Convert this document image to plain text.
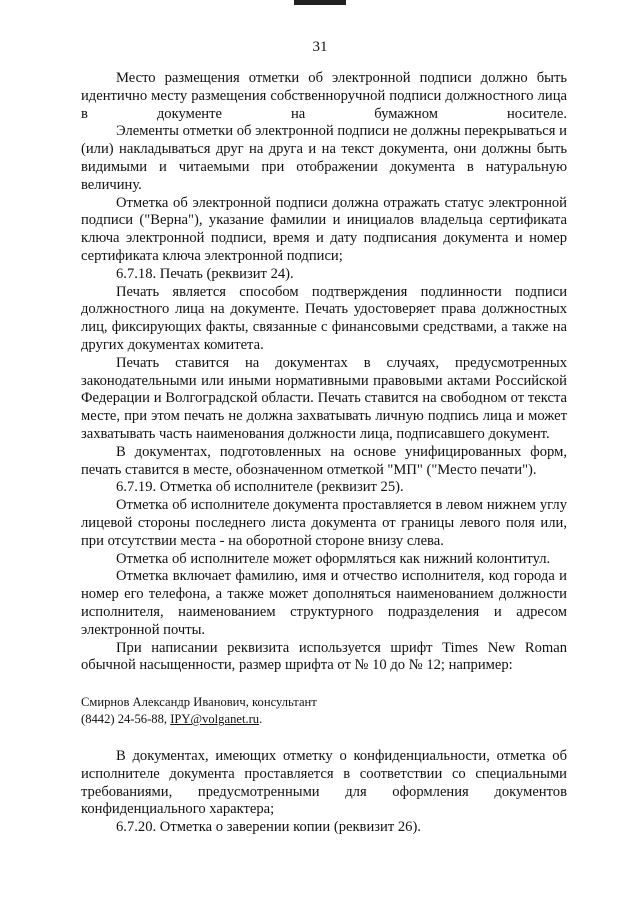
31

Место размещения отметки об электронной подписи должно быть идентично месту размещения собственноручной подписи должностного лица в документе на бумажном носителе.

Элементы отметки об электронной подписи не должны перекрываться и (или) накладываться друг на друга и на текст документа, они должны быть видимыми и читаемыми при отображении документа в натуральную величину.

Отметка об электронной подписи должна отражать статус электронной подписи ("Верна"), указание фамилии и инициалов владельца сертификата ключа электронной подписи, время и дату подписания документа и номер сертификата ключа электронной подписи;

6.7.18. Печать (реквизит 24).

Печать является способом подтверждения подлинности подписи должностного лица на документе. Печать удостоверяет права должностных лиц, фиксирующих факты, связанные с финансовыми средствами, а также на других документах комитета.

Печать ставится на документах в случаях, предусмотренных законодательными или иными нормативными правовыми актами Российской Федерации и Волгоградской области. Печать ставится на свободном от текста месте, при этом печать не должна захватывать личную подпись лица и может захватывать часть наименования должности лица, подписавшего документ.

В документах, подготовленных на основе унифицированных форм, печать ставится в месте, обозначенном отметкой "МП" ("Место печати").

6.7.19. Отметка об исполнителе (реквизит 25).

Отметка об исполнителе документа проставляется в левом нижнем углу лицевой стороны последнего листа документа от границы левого поля или, при отсутствии места - на оборотной стороне внизу слева.

Отметка об исполнителе может оформляться как нижний колонтитул.

Отметка включает фамилию, имя и отчество исполнителя, код города и номер его телефона, а также может дополняться наименованием должности исполнителя, наименованием структурного подразделения и адресом электронной почты.

При написании реквизита используется шрифт Times New Roman обычной насыщенности, размер шрифта от № 10 до № 12; например:

Смирнов Александр Иванович, консультант
(8442) 24-56-88, IPY@volganet.ru.

В документах, имеющих отметку о конфиденциальности, отметка об исполнителе документа проставляется в соответствии со специальными требованиями, предусмотренными для оформления документов конфиденциального характера;

6.7.20. Отметка о заверении копии (реквизит 26).
